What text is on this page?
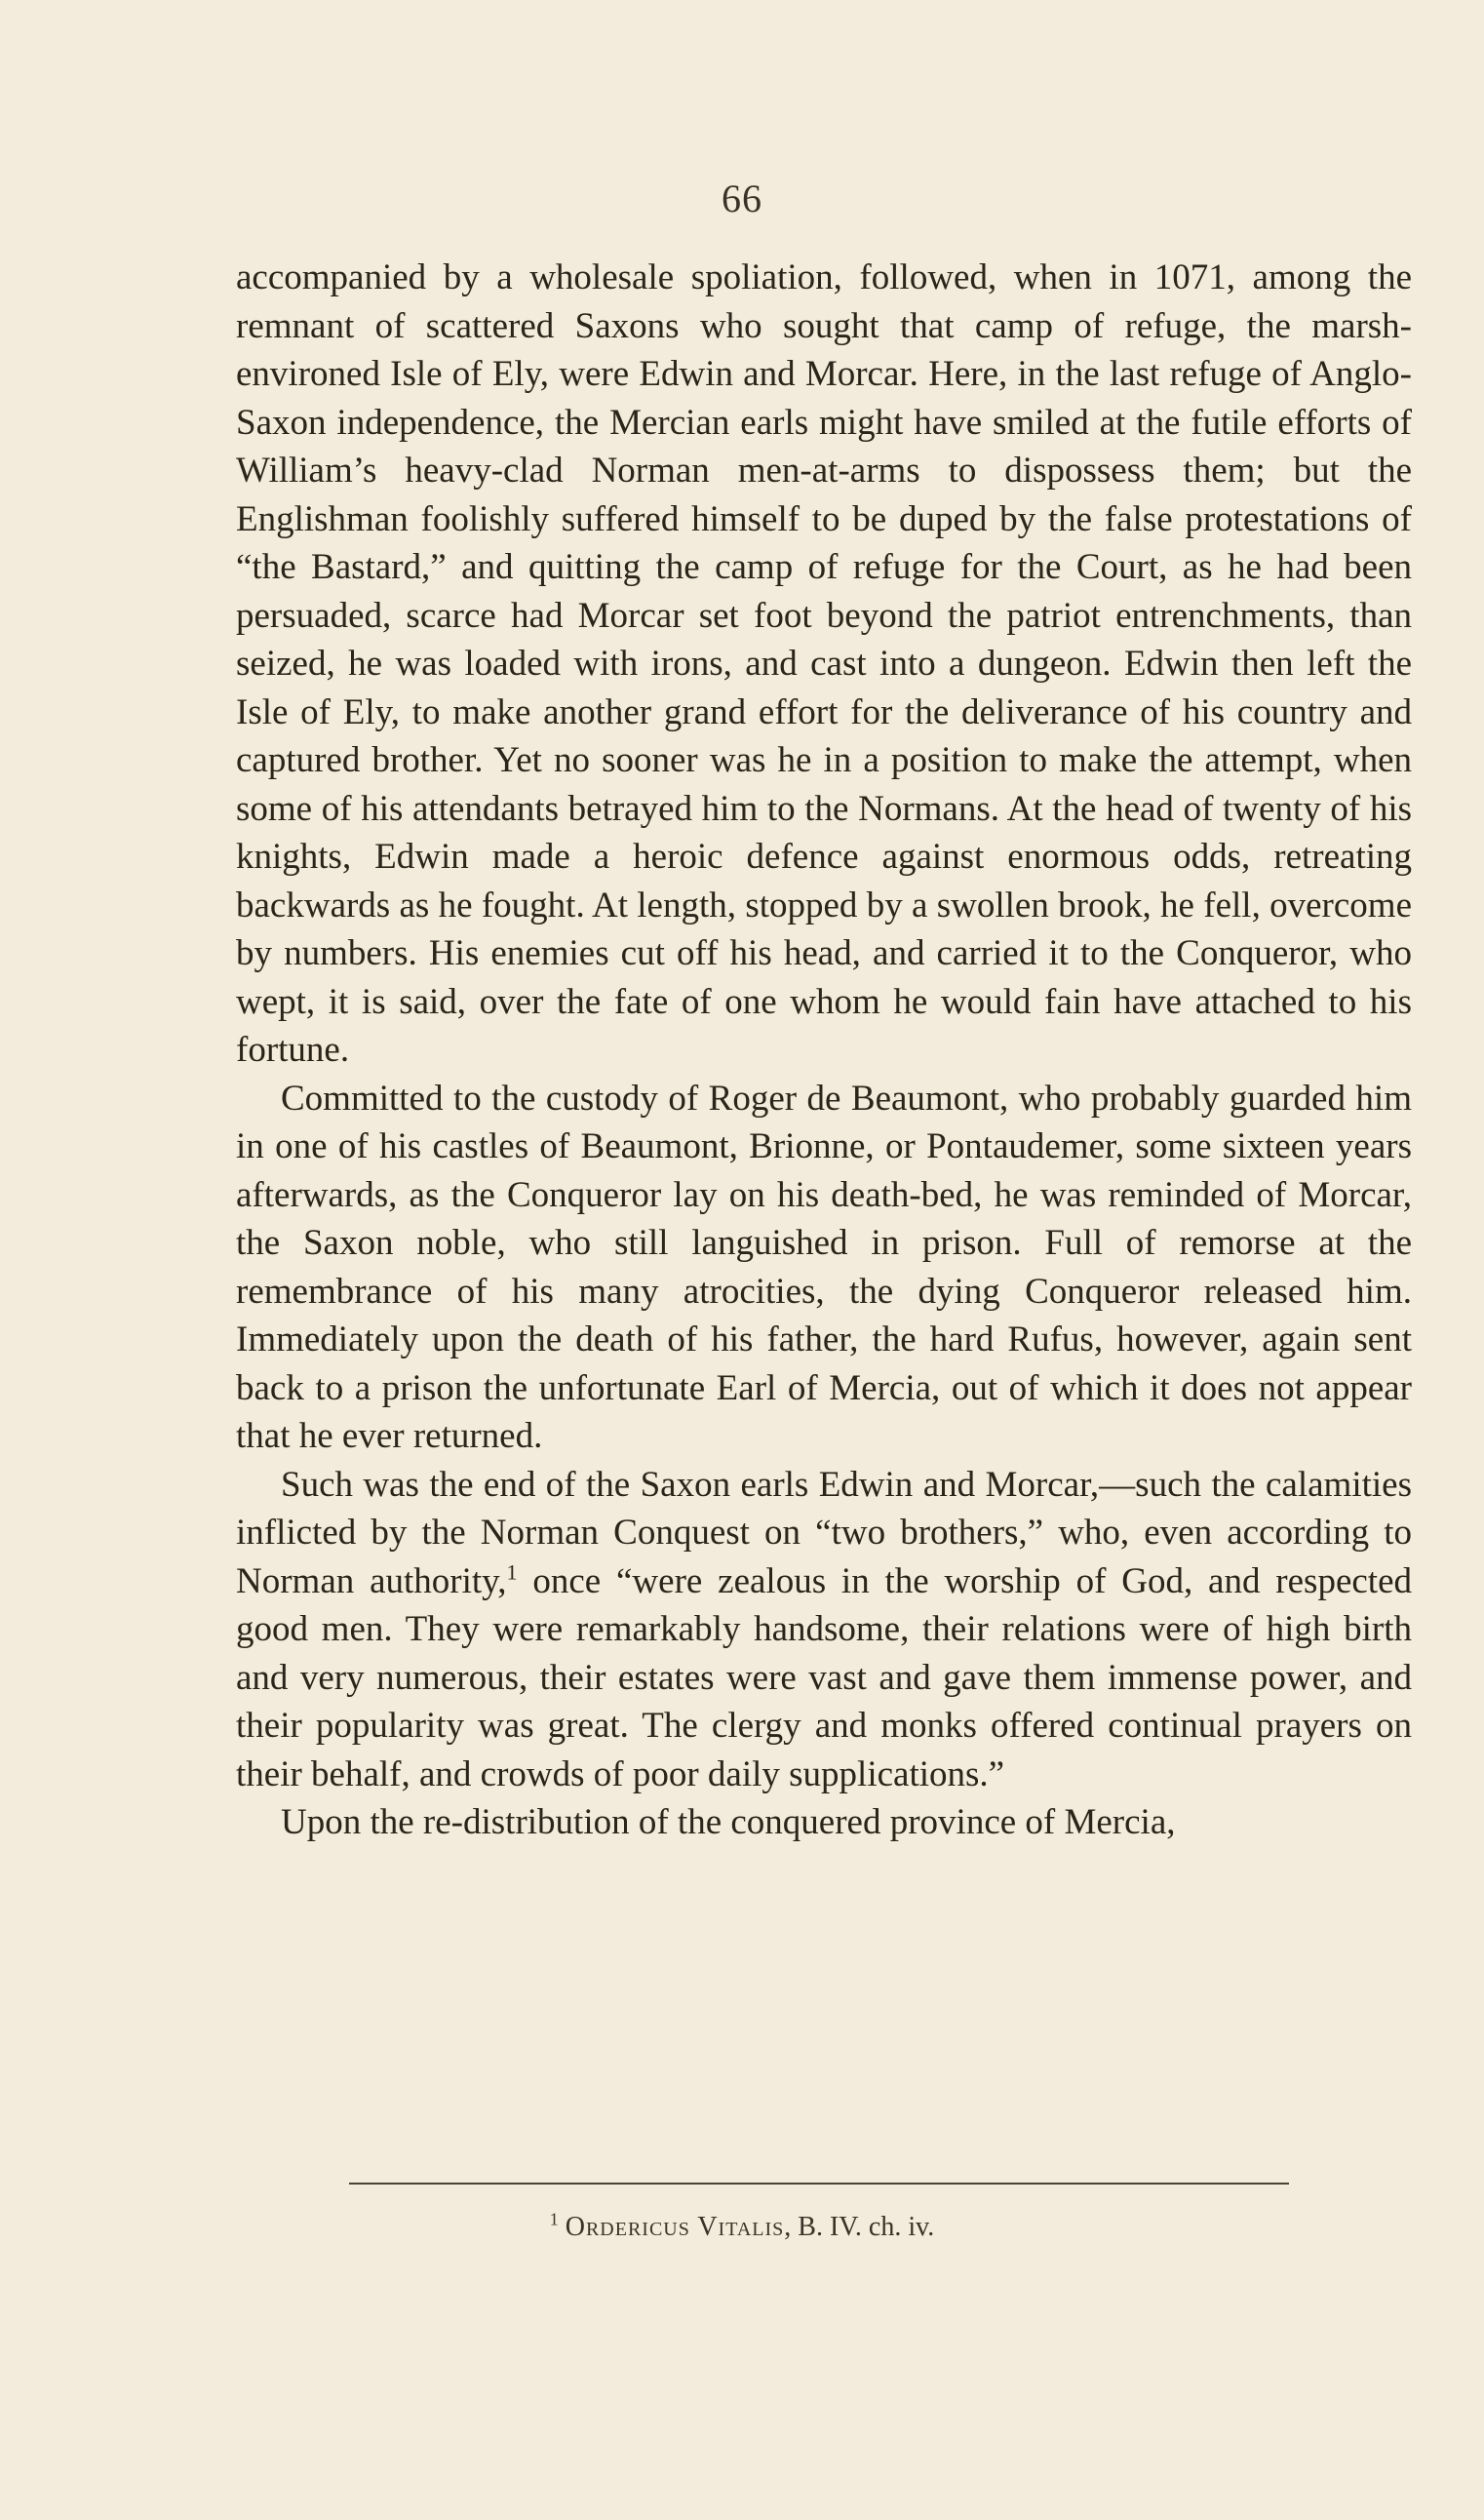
66

accompanied by a wholesale spoliation, followed, when in 1071, among the remnant of scattered Saxons who sought that camp of refuge, the marsh-environed Isle of Ely, were Edwin and Morcar. Here, in the last refuge of Anglo-Saxon independence, the Mercian earls might have smiled at the futile efforts of William’s heavy-clad Norman men-at-arms to dispossess them; but the Englishman foolishly suffered himself to be duped by the false protestations of “the Bastard,” and quitting the camp of refuge for the Court, as he had been persuaded, scarce had Morcar set foot beyond the patriot entrenchments, than seized, he was loaded with irons, and cast into a dungeon. Edwin then left the Isle of Ely, to make another grand effort for the deliverance of his country and captured brother. Yet no sooner was he in a position to make the attempt, when some of his attendants betrayed him to the Normans. At the head of twenty of his knights, Edwin made a heroic defence against enormous odds, retreating backwards as he fought. At length, stopped by a swollen brook, he fell, overcome by numbers. His enemies cut off his head, and carried it to the Conqueror, who wept, it is said, over the fate of one whom he would fain have attached to his fortune.

Committed to the custody of Roger de Beaumont, who probably guarded him in one of his castles of Beaumont, Brionne, or Pontaudemer, some sixteen years afterwards, as the Conqueror lay on his death-bed, he was reminded of Morcar, the Saxon noble, who still languished in prison. Full of remorse at the remembrance of his many atrocities, the dying Conqueror released him. Immediately upon the death of his father, the hard Rufus, however, again sent back to a prison the unfortunate Earl of Mercia, out of which it does not appear that he ever returned.

Such was the end of the Saxon earls Edwin and Morcar,—such the calamities inflicted by the Norman Conquest on “two brothers,” who, even according to Norman authority,$^1$ once “were zealous in the worship of God, and respected good men. They were remarkably handsome, their relations were of high birth and very numerous, their estates were vast and gave them immense power, and their popularity was great. The clergy and monks offered continual prayers on their behalf, and crowds of poor daily supplications.”

Upon the re-distribution of the conquered province of Mercia,

$^1$ Ordericus Vitalis, B. IV. ch. iv.
